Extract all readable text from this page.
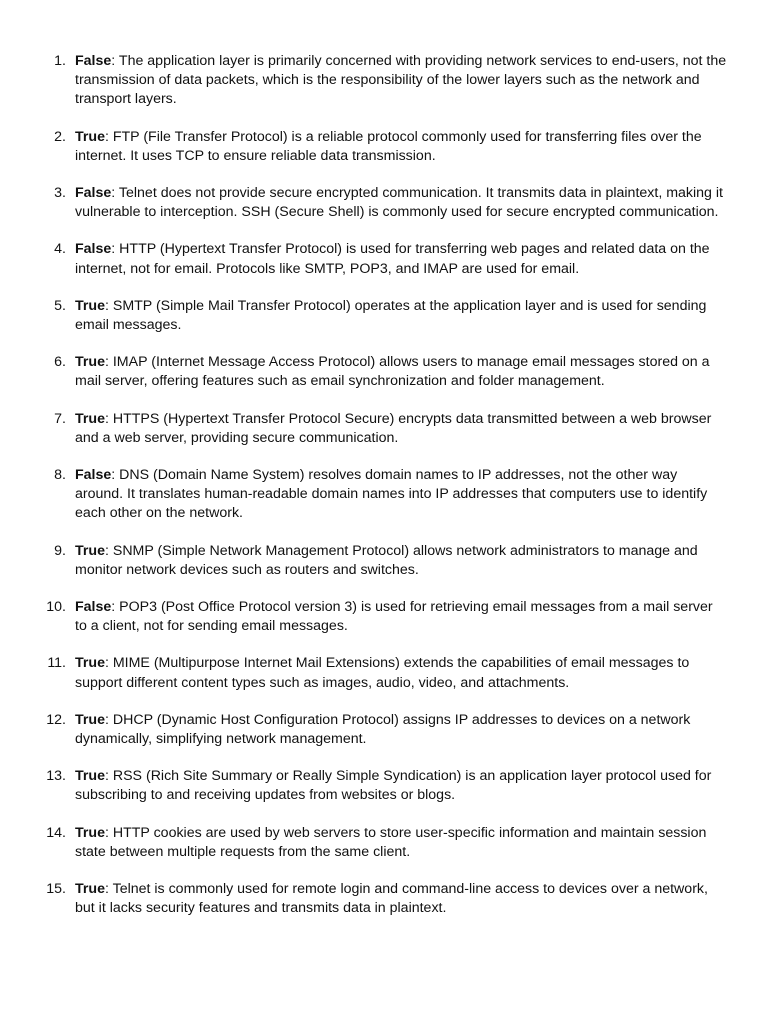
1. False: The application layer is primarily concerned with providing network services to end-users, not the transmission of data packets, which is the responsibility of the lower layers such as the network and transport layers.
2. True: FTP (File Transfer Protocol) is a reliable protocol commonly used for transferring files over the internet. It uses TCP to ensure reliable data transmission.
3. False: Telnet does not provide secure encrypted communication. It transmits data in plaintext, making it vulnerable to interception. SSH (Secure Shell) is commonly used for secure encrypted communication.
4. False: HTTP (Hypertext Transfer Protocol) is used for transferring web pages and related data on the internet, not for email. Protocols like SMTP, POP3, and IMAP are used for email.
5. True: SMTP (Simple Mail Transfer Protocol) operates at the application layer and is used for sending email messages.
6. True: IMAP (Internet Message Access Protocol) allows users to manage email messages stored on a mail server, offering features such as email synchronization and folder management.
7. True: HTTPS (Hypertext Transfer Protocol Secure) encrypts data transmitted between a web browser and a web server, providing secure communication.
8. False: DNS (Domain Name System) resolves domain names to IP addresses, not the other way around. It translates human-readable domain names into IP addresses that computers use to identify each other on the network.
9. True: SNMP (Simple Network Management Protocol) allows network administrators to manage and monitor network devices such as routers and switches.
10. False: POP3 (Post Office Protocol version 3) is used for retrieving email messages from a mail server to a client, not for sending email messages.
11. True: MIME (Multipurpose Internet Mail Extensions) extends the capabilities of email messages to support different content types such as images, audio, video, and attachments.
12. True: DHCP (Dynamic Host Configuration Protocol) assigns IP addresses to devices on a network dynamically, simplifying network management.
13. True: RSS (Rich Site Summary or Really Simple Syndication) is an application layer protocol used for subscribing to and receiving updates from websites or blogs.
14. True: HTTP cookies are used by web servers to store user-specific information and maintain session state between multiple requests from the same client.
15. True: Telnet is commonly used for remote login and command-line access to devices over a network, but it lacks security features and transmits data in plaintext.
